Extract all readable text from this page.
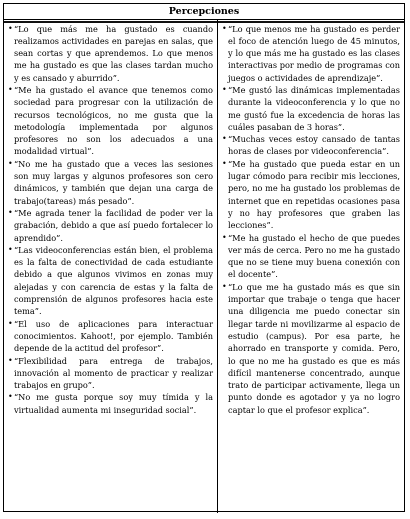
Percepciones
• “Lo que más me ha gustado es cuando realizamos actividades en parejas en salas, que sean cortas y que aprendemos. Lo que menos me ha gustado es que las clases tardan mucho y es cansado y aburrido”.
• “Me ha gustado el avance que tenemos como sociedad para progresar con la utilización de recursos tecnológicos, no me gusta que la metodología implementada por algunos profesores no son los adecuados a una modalidad virtual”.
• “No me ha gustado que a veces las sesiones son muy largas y algunos profesores son cero dinámicos, y también que dejan una carga de trabajo(tareas) más pesado”.
• “Me agrada tener la facilidad de poder ver la grabación, debido a que así puedo fortalecer lo aprendido”.
• “Las videoconferencias están bien, el problema es la falta de conectividad de cada estudiante debido a que algunos vivimos en zonas muy alejadas y con carencia de estas y la falta de comprensión de algunos profesores hacia este tema”.
• “El uso de aplicaciones para interactuar conocimientos. Kahoot!, por ejemplo. También depende de la actitud del profesor”.
• “Flexibilidad para entrega de trabajos, innovación al momento de practicar y realizar trabajos en grupo”.
• “No me gusta porque soy muy tímida y la virtualidad aumenta mi inseguridad social”.
• “Lo que menos me ha gustado es perder el foco de atención luego de 45 minutos, y lo que más me ha gustado es las clases interactivas por medio de programas con juegos o actividades de aprendizaje”.
• “Me gustó las dinámicas implementadas durante la videoconferencia y lo que no me gustó fue la excedencia de horas las cuáles pasaban de 3 horas”.
• “Muchas veces estoy cansado de tantas horas de clases por videoconferencia”.
• “Me ha gustado que pueda estar en un lugar cómodo para recibir mis lecciones, pero, no me ha gustado los problemas de internet que en repetidas ocasiones pasa y no hay profesores que graben las lecciones”.
• “Me ha gustado el hecho de que puedes ver más de cerca. Pero no me ha gustado que no se tiene muy buena conexión con el docente”.
• “Lo que me ha gustado más es que sin importar que trabaje o tenga que hacer una diligencia me puedo conectar sin llegar tarde ni movilizarme al espacio de estudio (campus). Por esa parte, he ahorrado en transporte y comida. Pero, lo que no me ha gustado es que es más difícil mantenerse concentrado, aunque trato de participar activamente, llega un punto donde es agotador y ya no logro captar lo que el profesor explica”.
